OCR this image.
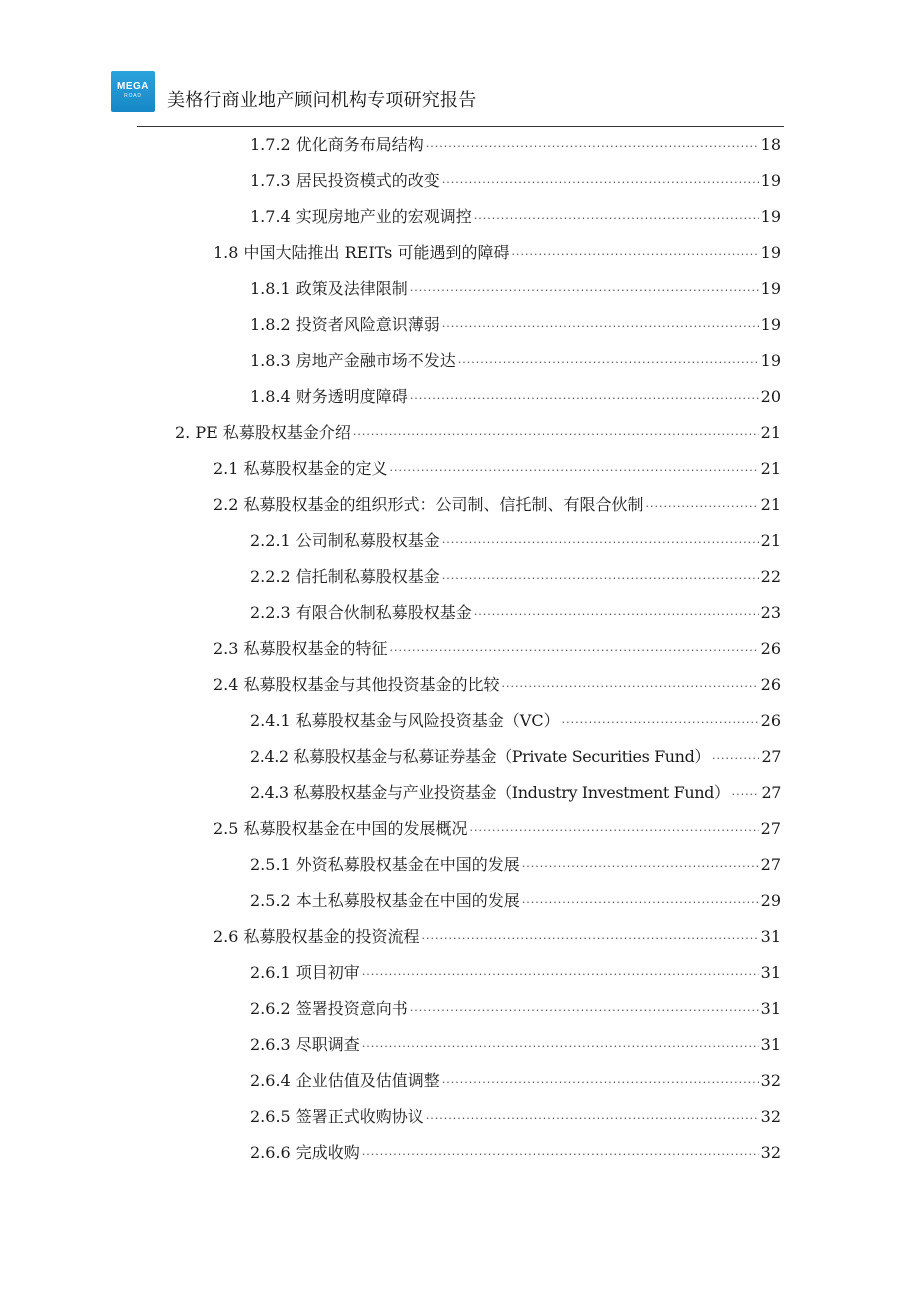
MEGA
ROAD	美格行商业地产顾问机构专项研究报告
1.7.2 优化商务布局结构 ·····	18
1.7.3 居民投资模式的改变 ·····	19
1.7.4 实现房地产业的宏观调控 ·····	19
1.8 中国大陆推出 REITs 可能遇到的障碍 ·····	19
1.8.1 政策及法律限制 ·····	19
1.8.2 投资者风险意识薄弱 ·····	19
1.8.3 房地产金融市场不发达 ·····	19
1.8.4 财务透明度障碍 ·····	20
2. PE 私募股权基金介绍 ·····	21
2.1 私募股权基金的定义 ·····	21
2.2 私募股权基金的组织形式：公司制、信托制、有限合伙制 ·····	21
2.2.1 公司制私募股权基金 ·····	21
2.2.2 信托制私募股权基金 ·····	22
2.2.3 有限合伙制私募股权基金 ·····	23
2.3 私募股权基金的特征 ·····	26
2.4 私募股权基金与其他投资基金的比较 ·····	26
2.4.1 私募股权基金与风险投资基金（VC） ·····	26
2.4.2 私募股权基金与私募证券基金（Private Securities Fund） ·····	27
2.4.3 私募股权基金与产业投资基金（Industry Investment Fund） ····· 27
2.5 私募股权基金在中国的发展概况 ·····	27
2.5.1 外资私募股权基金在中国的发展 ·····	27
2.5.2 本土私募股权基金在中国的发展 ·····	29
2.6 私募股权基金的投资流程 ·····	31
2.6.1 项目初审 ·····	31
2.6.2 签署投资意向书 ·····	31
2.6.3 尽职调查 ·····	31
2.6.4 企业估值及估值调整 ·····	32
2.6.5 签署正式收购协议 ·····	32
2.6.6 完成收购 ·····	32
